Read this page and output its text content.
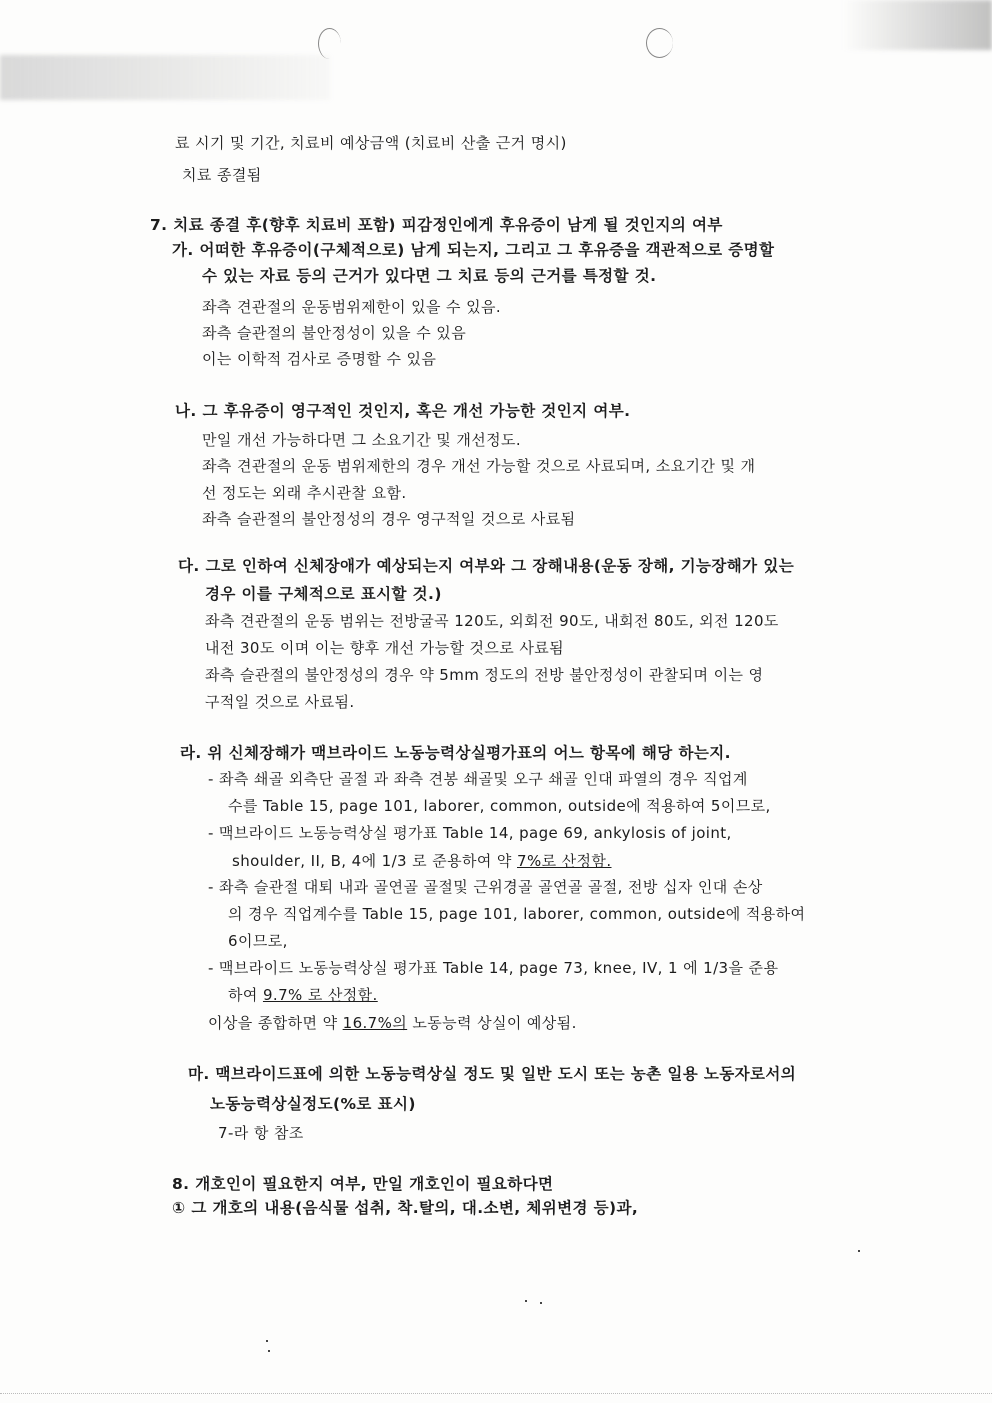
료 시기 및 기간, 치료비 예상금액 (치료비 산출 근거 명시)
치료 종결됨
7. 치료 종결 후(향후 치료비 포함) 피감정인에게 후유증이 남게 될 것인지의 여부
가. 어떠한 후유증이(구체적으로) 남게 되는지, 그리고 그 후유증을 객관적으로 증명할
수 있는 자료 등의 근거가 있다면 그 치료 등의 근거를 특정할 것.
좌측 견관절의 운동범위제한이 있을 수 있음.
좌측 슬관절의 불안정성이 있을 수 있음
이는 이학적 검사로 증명할 수 있음
나. 그 후유증이 영구적인 것인지, 혹은 개선 가능한 것인지 여부.
만일 개선 가능하다면 그 소요기간 및 개선정도.
좌측 견관절의 운동 범위제한의 경우 개선 가능할 것으로 사료되며, 소요기간 및 개
선 정도는 외래 추시관찰 요함.
좌측 슬관절의 불안정성의 경우 영구적일 것으로 사료됨
다. 그로 인하여 신체장애가 예상되는지 여부와 그 장해내용(운동 장해, 기능장해가 있는
경우 이를 구체적으로 표시할 것.)
좌측 견관절의 운동 범위는 전방굴곡 120도, 외회전 90도, 내회전 80도, 외전 120도
내전 30도 이며 이는 향후 개선 가능할 것으로 사료됨
좌측 슬관절의 불안정성의 경우 약 5mm 정도의 전방 불안정성이 관찰되며 이는 영
구적일 것으로 사료됨.
라. 위 신체장해가 맥브라이드 노동능력상실평가표의 어느 항목에 해당 하는지.
- 좌측 쇄골 외측단 골절 과 좌측 견봉 쇄골및 오구 쇄골 인대 파열의 경우 직업계
수를 Table 15, page 101, laborer, common, outside에 적용하여 5이므로,
- 맥브라이드 노동능력상실 평가표 Table 14, page 69, ankylosis of joint,
shoulder, II, B, 4에 1/3 로 준용하여 약 7%로 산정함.
- 좌측 슬관절 대퇴 내과 골연골 골절및 근위경골 골연골 골절, 전방 십자 인대 손상
의 경우 직업계수를 Table 15, page 101, laborer, common, outside에 적용하여
6이므로,
- 맥브라이드 노동능력상실 평가표 Table 14, page 73, knee, IV, 1 에 1/3을 준용
하여 9.7% 로 산정함.
이상을 종합하면 약 16.7%의 노동능력 상실이 예상됨.
마. 맥브라이드표에 의한 노동능력상실 정도 및 일반 도시 또는 농촌 일용 노동자로서의
노동능력상실정도(%로 표시)
7-라 항 참조
8. 개호인이 필요한지 여부, 만일 개호인이 필요하다면
① 그 개호의 내용(음식물 섭취, 착.탈의, 대.소변, 체위변경 등)과,
